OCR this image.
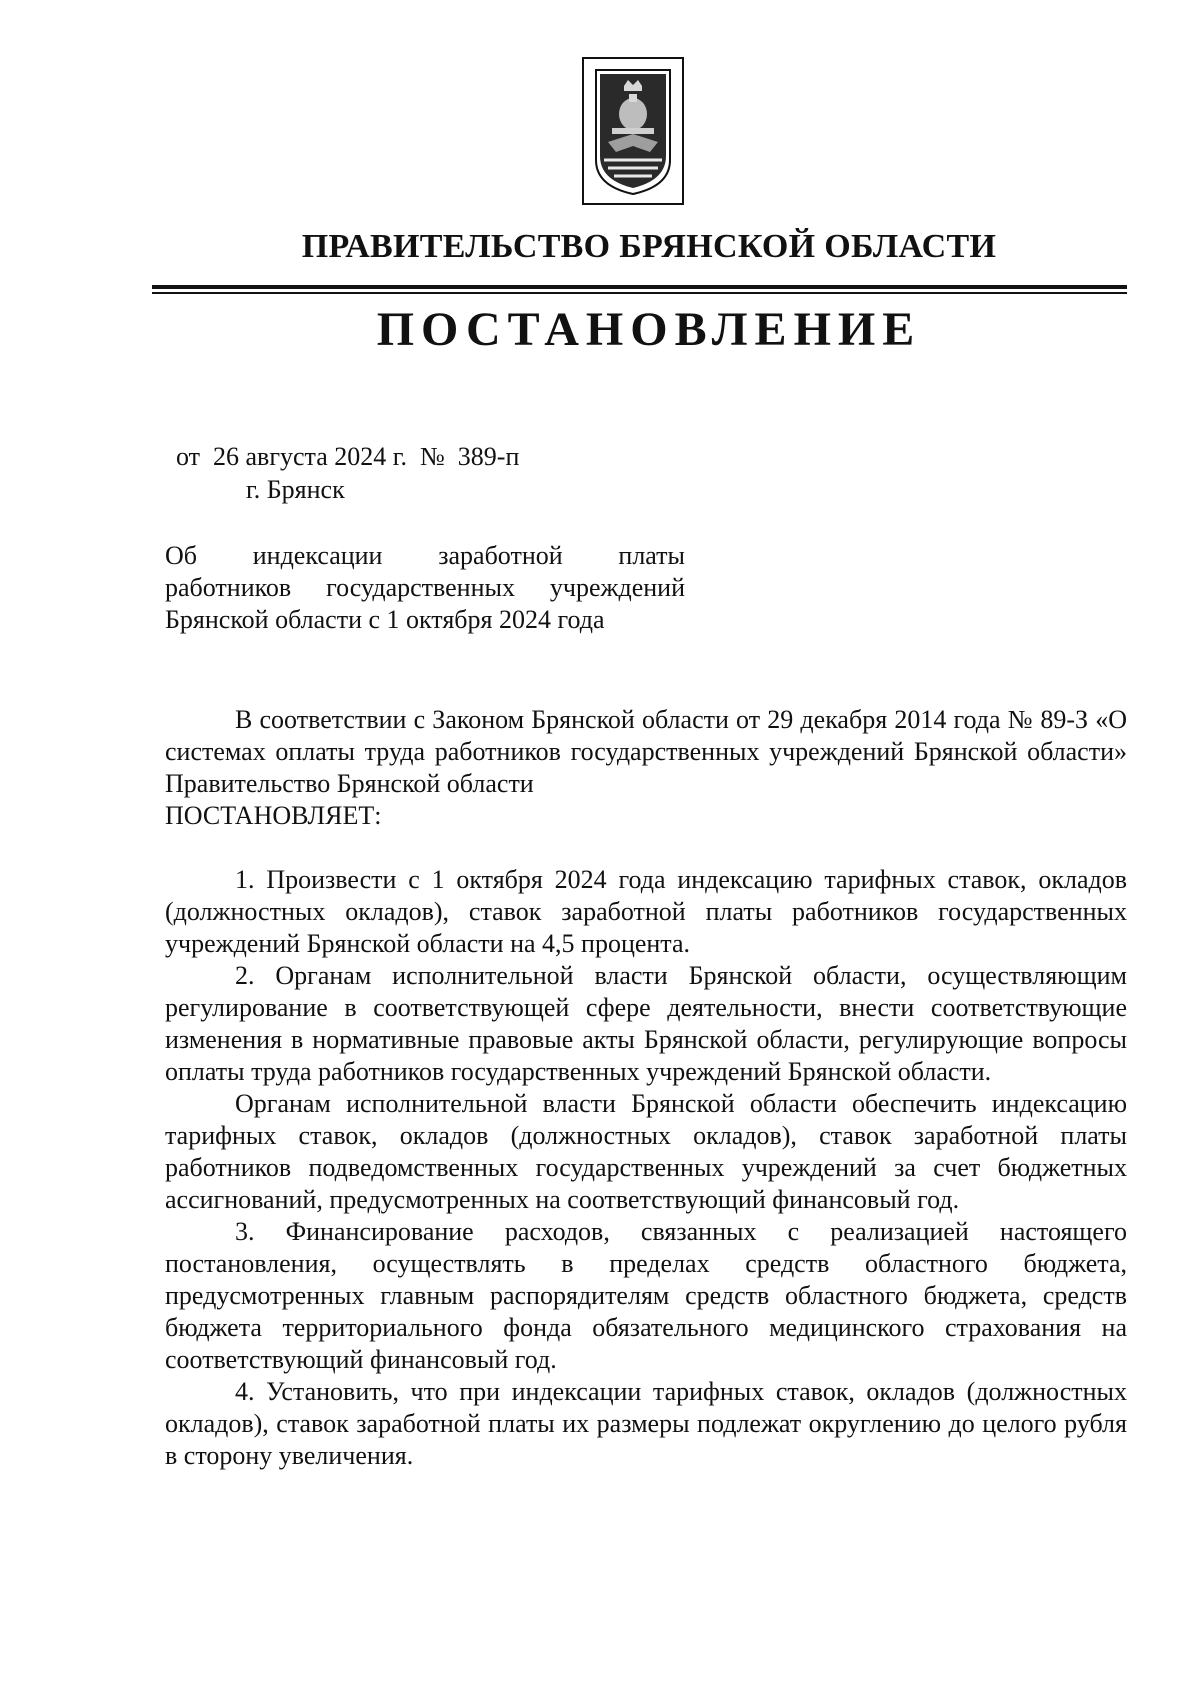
ПРАВИТЕЛЬСТВО БРЯНСКОЙ ОБЛАСТИ
ПОСТАНОВЛЕНИЕ
от  26 августа 2024 г.  №  389-п
г. Брянск

Об индексации заработной платы

работников государственных учреждений

Брянской области с 1 октября 2024 года

В соответствии с Законом Брянской области от 29 декабря 2014 года № 89-З «О системах оплаты труда работников государственных учреждений Брянской области» Правительство Брянской области

ПОСТАНОВЛЯЕТ:

1. Произвести с 1 октября 2024 года индексацию тарифных ставок, окладов (должностных окладов), ставок заработной платы работников государственных учреждений Брянской области на 4,5 процента.

2. Органам исполнительной власти Брянской области, осуществляющим регулирование в соответствующей сфере деятельности, внести соответствующие изменения в нормативные правовые акты Брянской области, регулирующие вопросы оплаты труда работников государственных учреждений Брянской области.

Органам исполнительной власти Брянской области обеспечить индексацию тарифных ставок, окладов (должностных окладов), ставок заработной платы работников подведомственных государственных учреждений за счет бюджетных ассигнований, предусмотренных на соответствующий финансовый год.

3. Финансирование расходов, связанных с реализацией настоящего постановления, осуществлять в пределах средств областного бюджета, предусмотренных главным распорядителям средств областного бюджета, средств бюджета территориального фонда обязательного медицинского страхования на соответствующий финансовый год.

4. Установить, что при индексации тарифных ставок, окладов (должностных окладов), ставок заработной платы их размеры подлежат округлению до целого рубля в сторону увеличения.
